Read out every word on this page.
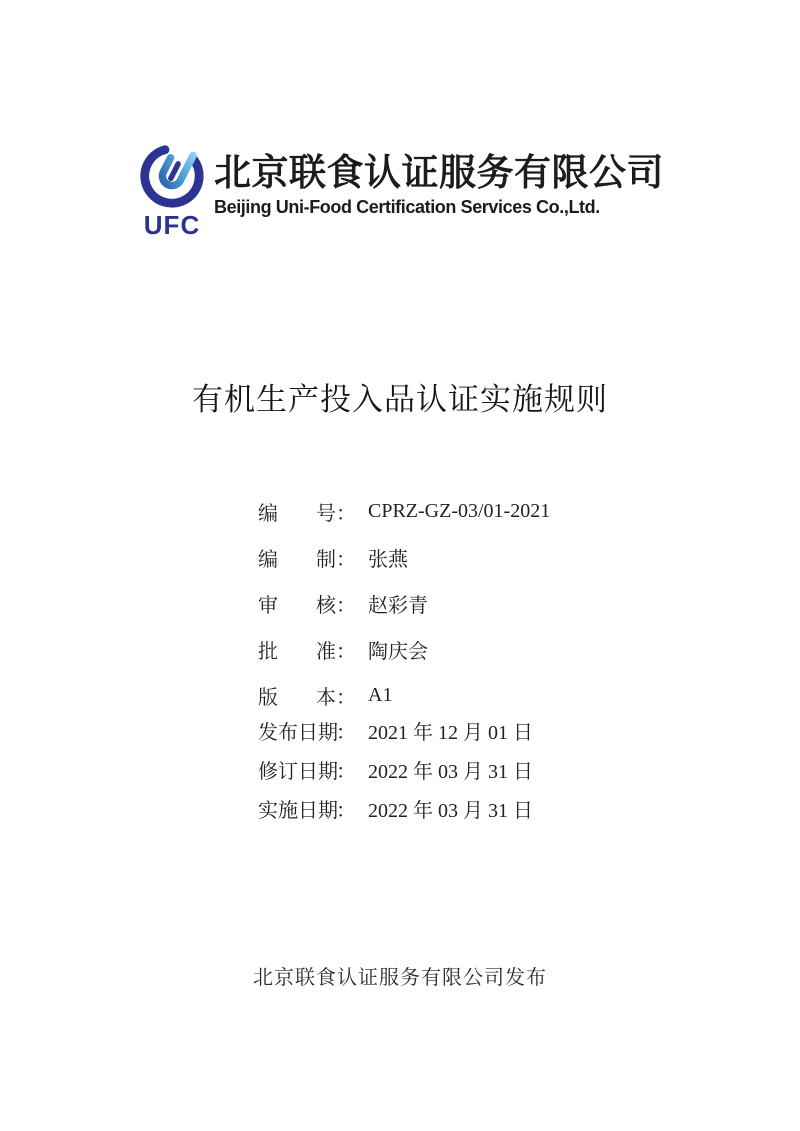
UFC
北京联食认证服务有限公司
Beijing Uni-Food Certification Services Co.,Ltd.
有机生产投入品认证实施规则
编号 ： CPRZ-GZ-03/01-2021
编制 ： 张燕
审核 ： 赵彩青
批准 ： 陶庆会
版本 ： A1
发布日期
： 2021 年 12 月 01 日
修订日期
： 2022 年 03 月 31 日
实施日期
： 2022 年 03 月 31 日
北京联食认证服务有限公司发布
